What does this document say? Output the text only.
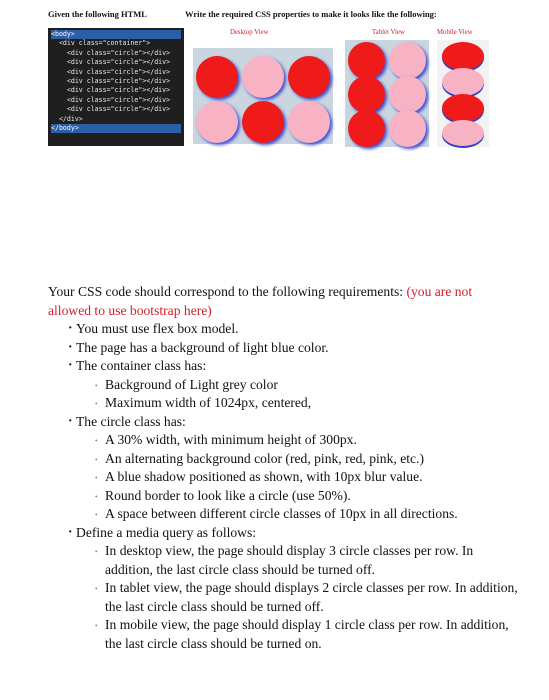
Given the following HTML	Write the required CSS properties to make it looks like the following:
<body>
<div class="container">
<div class="circle"></div>
<div class="circle"></div>
<div class="circle"></div>
<div class="circle"></div>
<div class="circle"></div>
<div class="circle"></div>
<div class="circle"></div>
</div>
</body>
Desktop View	Tablet View	Mobile View
Your CSS code should correspond to the following requirements: (you are not allowed to use bootstrap here)
· You must use flex box model.
· The page has a background of light blue color.
· The container class has:
• Background of Light grey color
• Maximum width of 1024px, centered,
· The circle class has:
• A 30% width, with minimum height of 300px.
• An alternating background color (red, pink, red, pink, etc.)
• A blue shadow positioned as shown, with 10px blur value.
• Round border to look like a circle (use 50%).
• A space between different circle classes of 10px in all directions.
· Define a media query as follows:
• In desktop view, the page should display 3 circle classes per row. In addition, the last circle class should be turned off.
• In tablet view, the page should displays 2 circle classes per row. In addition, the last circle class should be turned off.
• In mobile view, the page should display 1 circle class per row. In addition, the last circle class should be turned on.
